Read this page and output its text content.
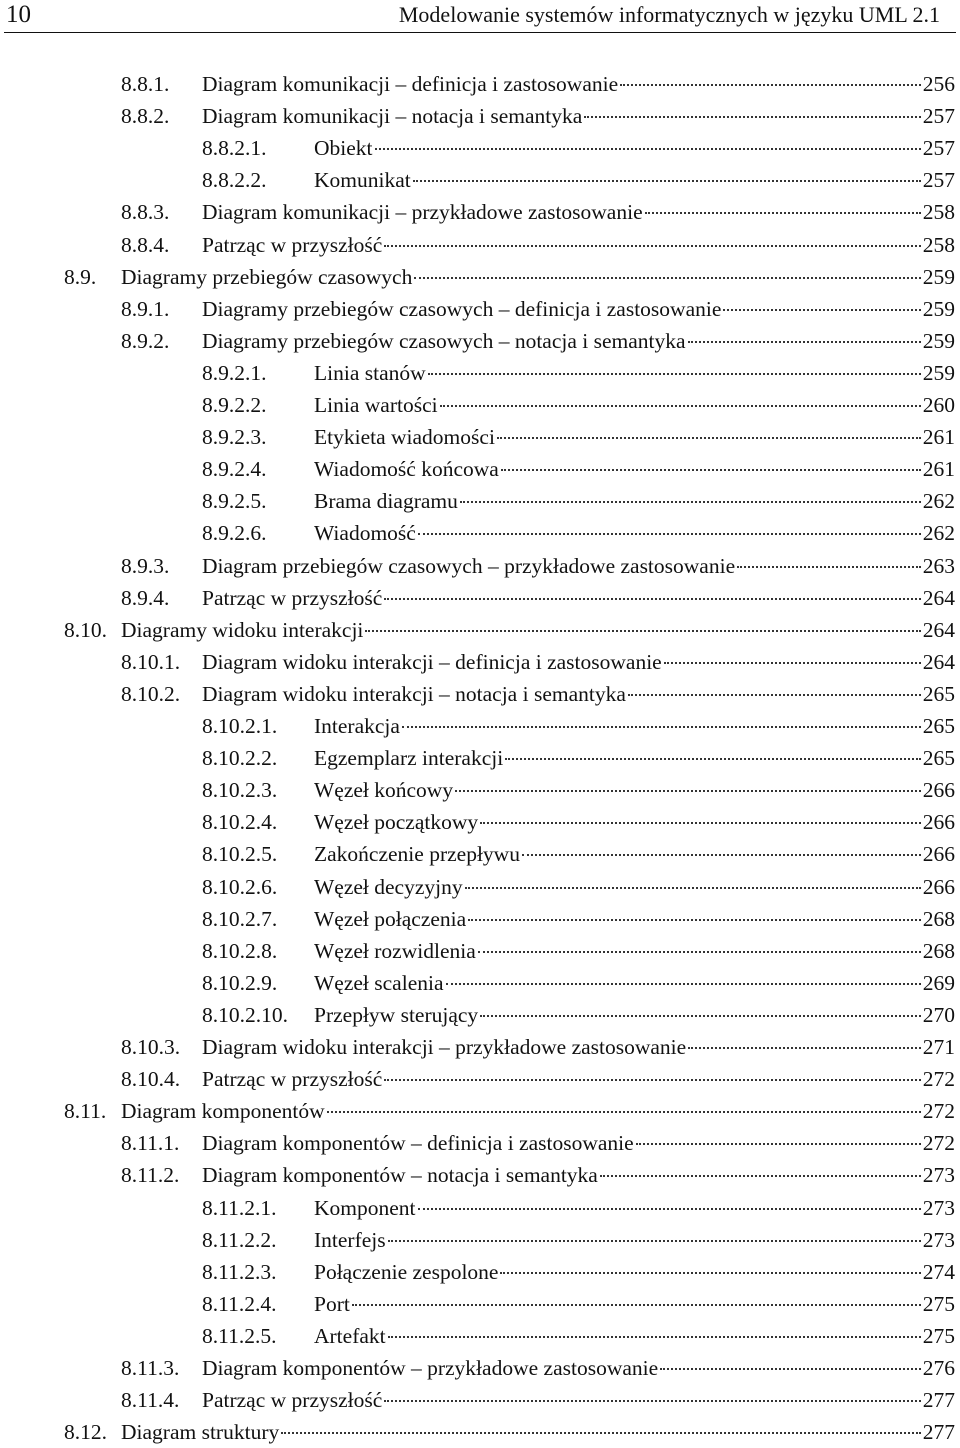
10	Modelowanie systemów informatycznych w języku UML 2.1
8.8.1.	Diagram komunikacji – definicja i zastosowanie	256
8.8.2.	Diagram komunikacji – notacja i semantyka	257
8.8.2.1.	Obiekt	257
8.8.2.2.	Komunikat	257
8.8.3.	Diagram komunikacji – przykładowe zastosowanie	258
8.8.4.	Patrząc w przyszłość	258
8.9.	Diagramy przebiegów czasowych	259
8.9.1.	Diagramy przebiegów czasowych – definicja i zastosowanie	259
8.9.2.	Diagramy przebiegów czasowych – notacja i semantyka	259
8.9.2.1.	Linia stanów	259
8.9.2.2.	Linia wartości	260
8.9.2.3.	Etykieta wiadomości	261
8.9.2.4.	Wiadomość końcowa	261
8.9.2.5.	Brama diagramu	262
8.9.2.6.	Wiadomość	262
8.9.3.	Diagram przebiegów czasowych – przykładowe zastosowanie	263
8.9.4.	Patrząc w przyszłość	264
8.10. Diagramy widoku interakcji	264
8.10.1.	Diagram widoku interakcji – definicja i zastosowanie	264
8.10.2.	Diagram widoku interakcji – notacja i semantyka	265
8.10.2.1.	Interakcja	265
8.10.2.2.	Egzemplarz interakcji	265
8.10.2.3.	Węzeł końcowy	266
8.10.2.4.	Węzeł początkowy	266
8.10.2.5.	Zakończenie przepływu	266
8.10.2.6.	Węzeł decyzyjny	266
8.10.2.7.	Węzeł połączenia	268
8.10.2.8.	Węzeł rozwidlenia	268
8.10.2.9.	Węzeł scalenia	269
8.10.2.10.	Przepływ sterujący	270
8.10.3.	Diagram widoku interakcji – przykładowe zastosowanie	271
8.10.4.	Patrząc w przyszłość	272
8.11. Diagram komponentów	272
8.11.1.	Diagram komponentów – definicja i zastosowanie	272
8.11.2.	Diagram komponentów – notacja i semantyka	273
8.11.2.1.	Komponent	273
8.11.2.2.	Interfejs	273
8.11.2.3.	Połączenie zespolone	274
8.11.2.4.	Port	275
8.11.2.5.	Artefakt	275
8.11.3.	Diagram komponentów – przykładowe zastosowanie	276
8.11.4.	Patrząc w przyszłość	277
8.12. Diagram struktury	277
